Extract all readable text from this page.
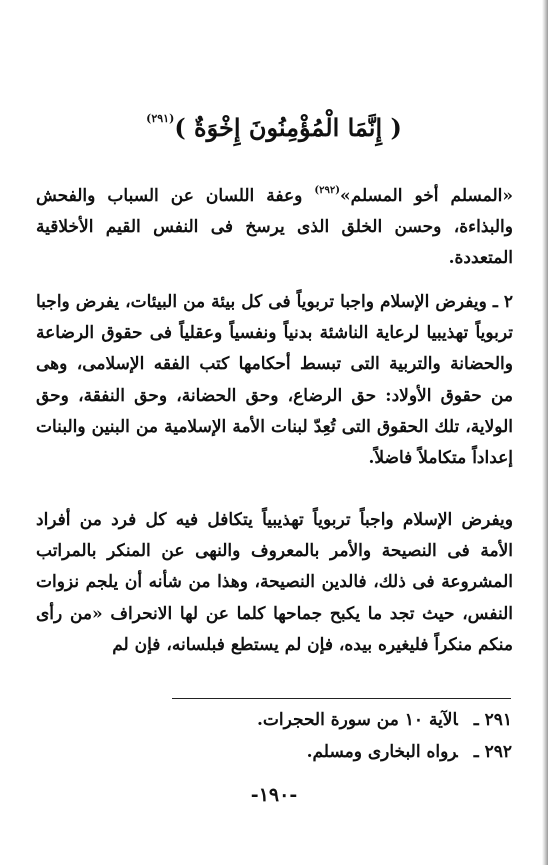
( إِنَّمَا الْمُؤْمِنُونَ إِخْوَةٌ )$^{(٢٩١)}$

«المسلم أخو المسلم»$^{(٢٩٢)}$ وعفة اللسان عن السباب والفحش والبذاءة، وحسن الخلق الذى يرسخ فى النفس القيم الأخلاقية المتعددة.

٢ ـ ويفرض الإسلام واجبا تربوياً فى كل بيئة من البيئات، يفرض واجبا تربوياً تهذيبيا لرعاية الناشئة بدنياً ونفسياً وعقلياً فى حقوق الرضاعة والحضانة والتربية التى تبسط أحكامها كتب الفقه الإسلامى، وهى من حقوق الأولاد: حق الرضاع، وحق الحضانة، وحق النفقة، وحق الولاية، تلك الحقوق التى تُعِدّ لبنات الأمة الإسلامية من البنين والبنات إعداداً متكاملاً فاضلاً.

ويفرض الإسلام واجباً تربوياً تهذيبياً يتكافل فيه كل فرد من أفراد الأمة فى النصيحة والأمر بالمعروف والنهى عن المنكر بالمراتب المشروعة فى ذلك، فالدين النصيحة، وهذا من شأنه أن يلجم نزوات النفس، حيث تجد ما يكبح جماحها كلما عن لها الانحراف «من رأى منكم منكراً فليغيره بيده، فإن لم يستطع فبلسانه، فإن لم

٢٩١ ـالآية ١٠ من سورة الحجرات.
٢٩٢ ـرواه البخارى ومسلم.
-١٩٠-
